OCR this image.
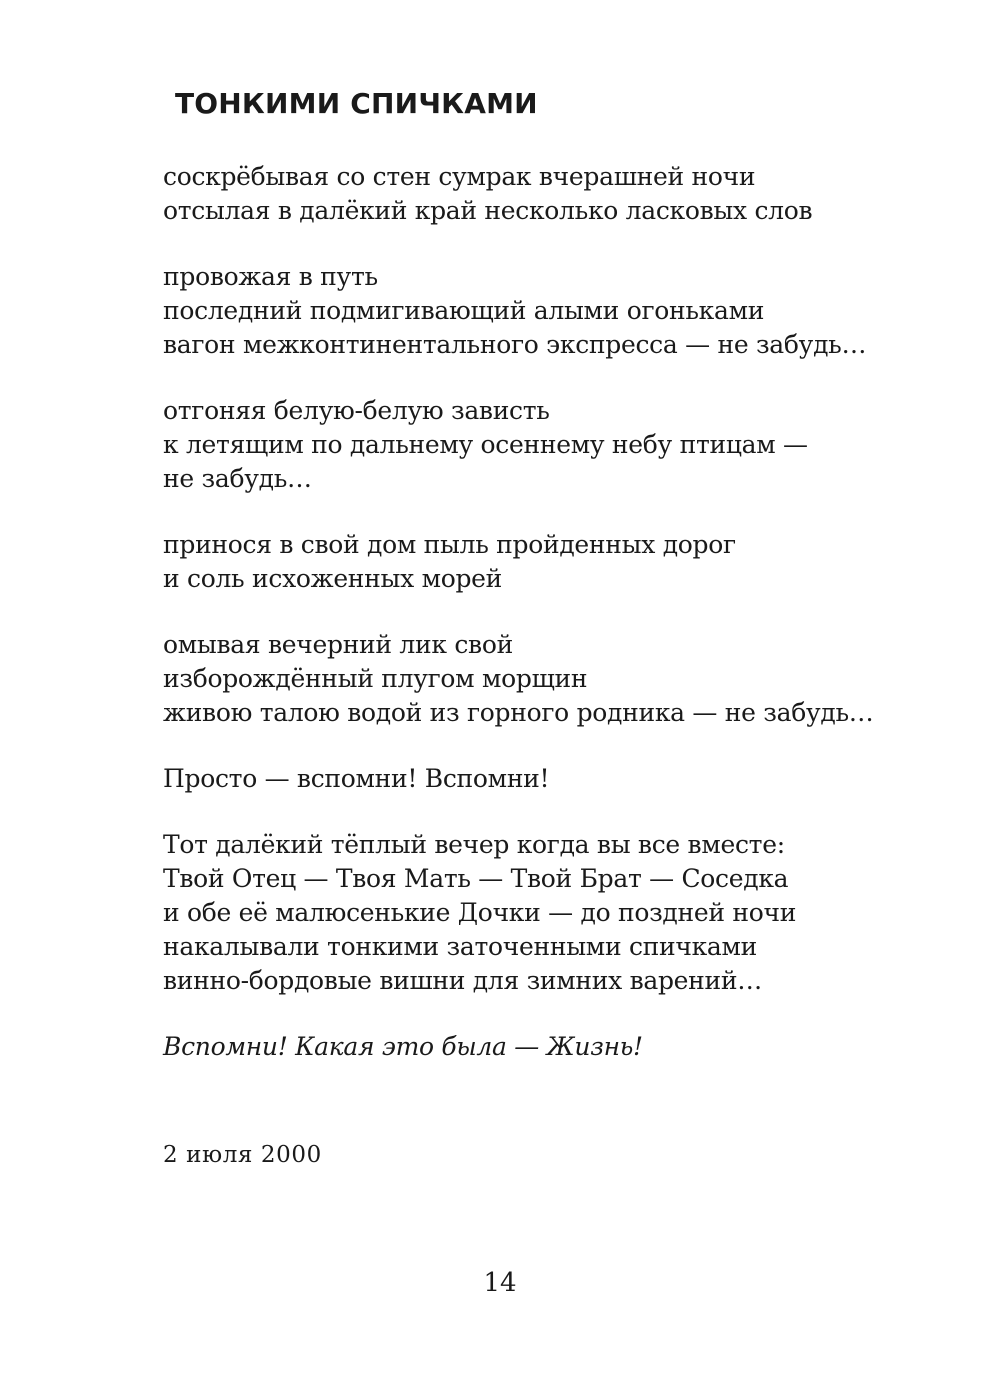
ТОНКИМИ СПИЧКАМИ

соскрёбывая со стен сумрак вчерашней ночи
отсылая в далёкий край несколько ласковых слов

провожая в путь
последний подмигивающий алыми огоньками
вагон межконтинентального экспресса — не забудь…

отгоняя белую-белую зависть
к летящим по дальнему осеннему небу птицам —
не забудь…

принося в свой дом пыль пройденных дорог
и соль исхоженных морей

омывая вечерний лик свой
изборождённый плугом морщин
живою талою водой из горного родника — не забудь…

Просто — вспомни! Вспомни!

Тот далёкий тёплый вечер когда вы все вместе:
Твой Отец — Твоя Мать — Твой Брат — Соседка
и обе её малюсенькие Дочки — до поздней ночи
накалывали тонкими заточенными спичками
винно-бордовые вишни для зимних варений…

Вспомни! Какая это была — Жизнь!

2 июля 2000
14
